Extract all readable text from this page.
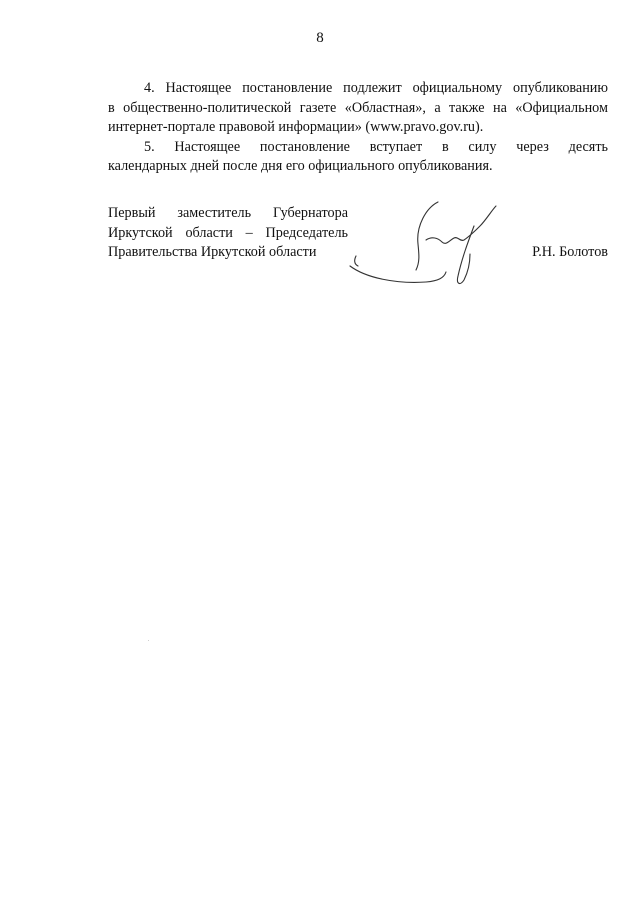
8

4. Настоящее постановление подлежит официальному опубликованию
в общественно-политической газете «Областная», а также на «Официальном
интернет-портале правовой информации» (www.pravo.gov.ru).

5. Настоящее постановление вступает в силу через десять
календарных дней после дня его официального опубликования.

Первый заместитель Губернатора
Иркутской области – Председатель
Правительства Иркутской области	Р.Н. Болотов
